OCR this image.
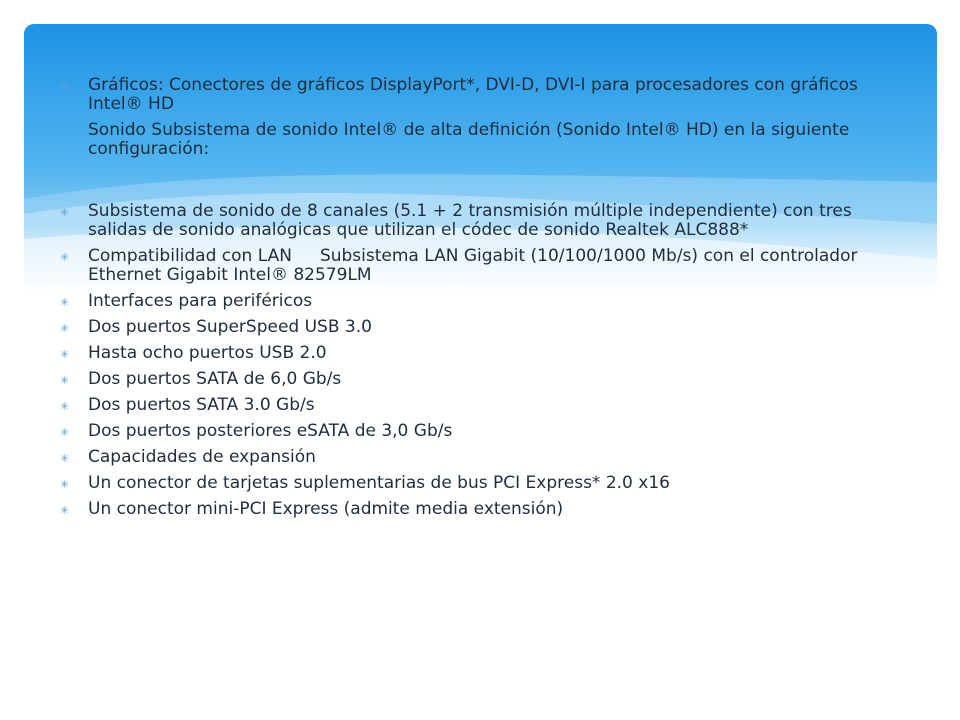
✳ Gráficos: Conectores de gráficos DisplayPort*, DVI-D, DVI-I para procesadores con gráficos Intel® HD
Sonido Subsistema de sonido Intel® de alta definición (Sonido Intel® HD) en la siguiente configuración:
✳ Subsistema de sonido de 8 canales (5.1 + 2 transmisión múltiple independiente) con tres salidas de sonido analógicas que utilizan el códec de sonido Realtek ALC888*
✳ Compatibilidad con LAN Subsistema LAN Gigabit (10/100/1000 Mb/s) con el controlador Ethernet Gigabit Intel® 82579LM
✳ Interfaces para periféricos
✳ Dos puertos SuperSpeed USB 3.0
✳ Hasta ocho puertos USB 2.0
✳ Dos puertos SATA de 6,0 Gb/s
✳ Dos puertos SATA 3.0 Gb/s
✳ Dos puertos posteriores eSATA de 3,0 Gb/s
✳ Capacidades de expansión
✳ Un conector de tarjetas suplementarias de bus PCI Express* 2.0 x16
✳ Un conector mini-PCI Express (admite media extensión)
